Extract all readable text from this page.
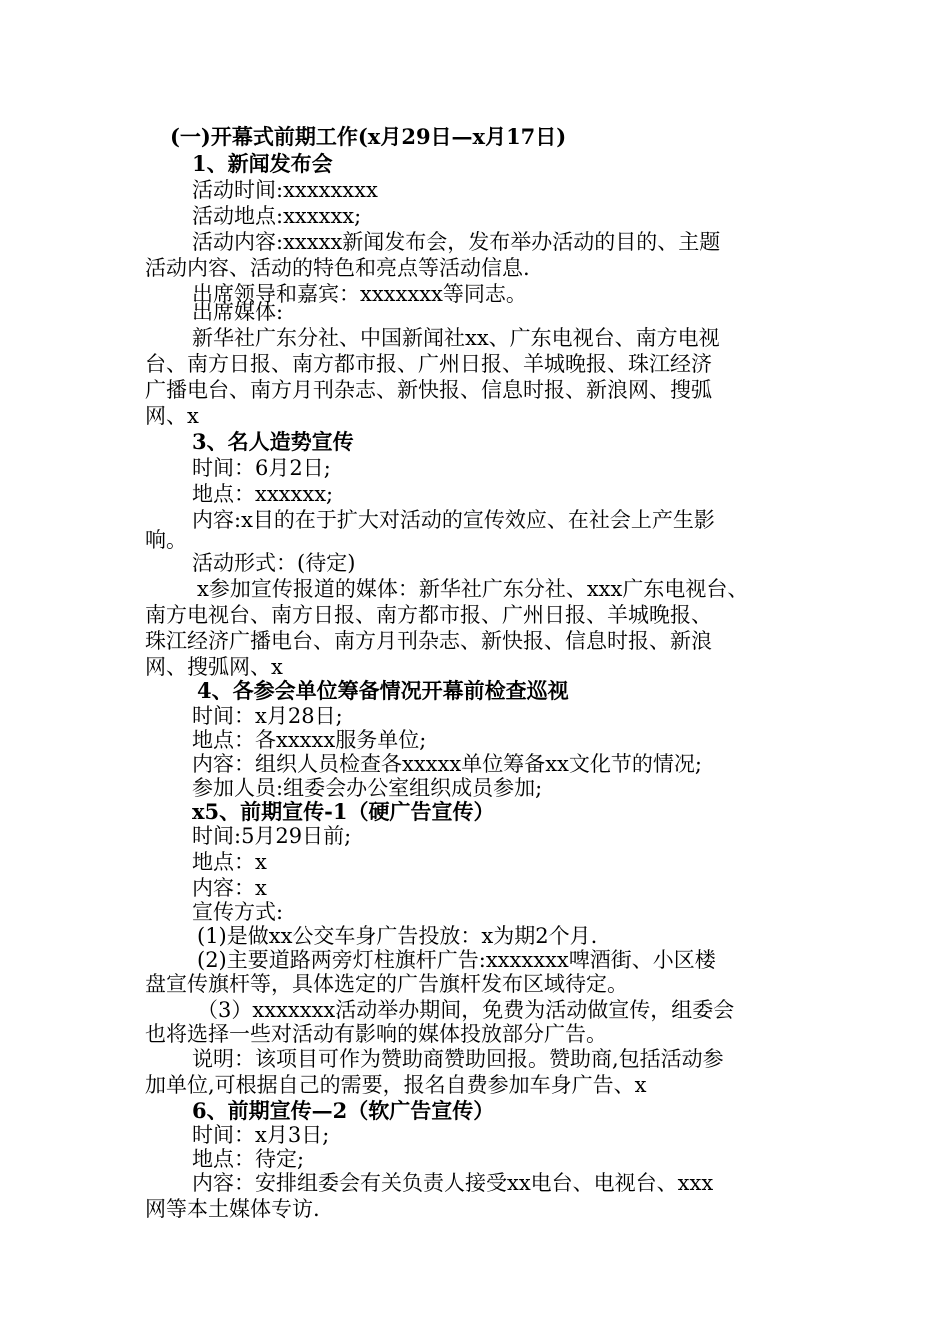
(一)开幕式前期工作(x月29日—x月17日)
1、新闻发布会
活动时间:xxxxxxxx
活动地点:xxxxxx;
活动内容:xxxxx新闻发布会，发布举办活动的目的、主题
活动内容、活动的特色和亮点等活动信息.
出席领导和嘉宾：xxxxxxx等同志。
出席媒体:
新华社广东分社、中国新闻社xx、广东电视台、南方电视
台、南方日报、南方都市报、广州日报、羊城晚报、珠江经济
广播电台、南方月刊杂志、新快报、信息时报、新浪网、搜弧
网、x
3、名人造势宣传
时间：6月2日;
地点：xxxxxx;
内容:x目的在于扩大对活动的宣传效应、在社会上产生影
响。
活动形式：(待定)
x参加宣传报道的媒体：新华社广东分社、xxx广东电视台、
南方电视台、南方日报、南方都市报、广州日报、羊城晚报、
珠江经济广播电台、南方月刊杂志、新快报、信息时报、新浪
网、搜弧网、x
4、各参会单位筹备情况开幕前检查巡视
时间：x月28日;
地点：各xxxxx服务单位;
内容：组织人员检查各xxxxx单位筹备xx文化节的情况;
参加人员:组委会办公室组织成员参加;
x5、前期宣传-1（硬广告宣传）
时间:5月29日前;
地点：x
内容：x
宣传方式:
(1)是做xx公交车身广告投放：x为期2个月.
(2)主要道路两旁灯柱旗杆广告:xxxxxxx啤酒街、小区楼
盘宣传旗杆等，具体选定的广告旗杆发布区域待定。
（3）xxxxxxx活动举办期间，免费为活动做宣传，组委会
也将选择一些对活动有影响的媒体投放部分广告。
说明：该项目可作为赞助商赞助回报。赞助商,包括活动参
加单位,可根据自己的需要，报名自费参加车身广告、x
6、前期宣传—2（软广告宣传）
时间：x月3日;
地点：待定;
内容：安排组委会有关负责人接受xx电台、电视台、xxx
网等本土媒体专访.
